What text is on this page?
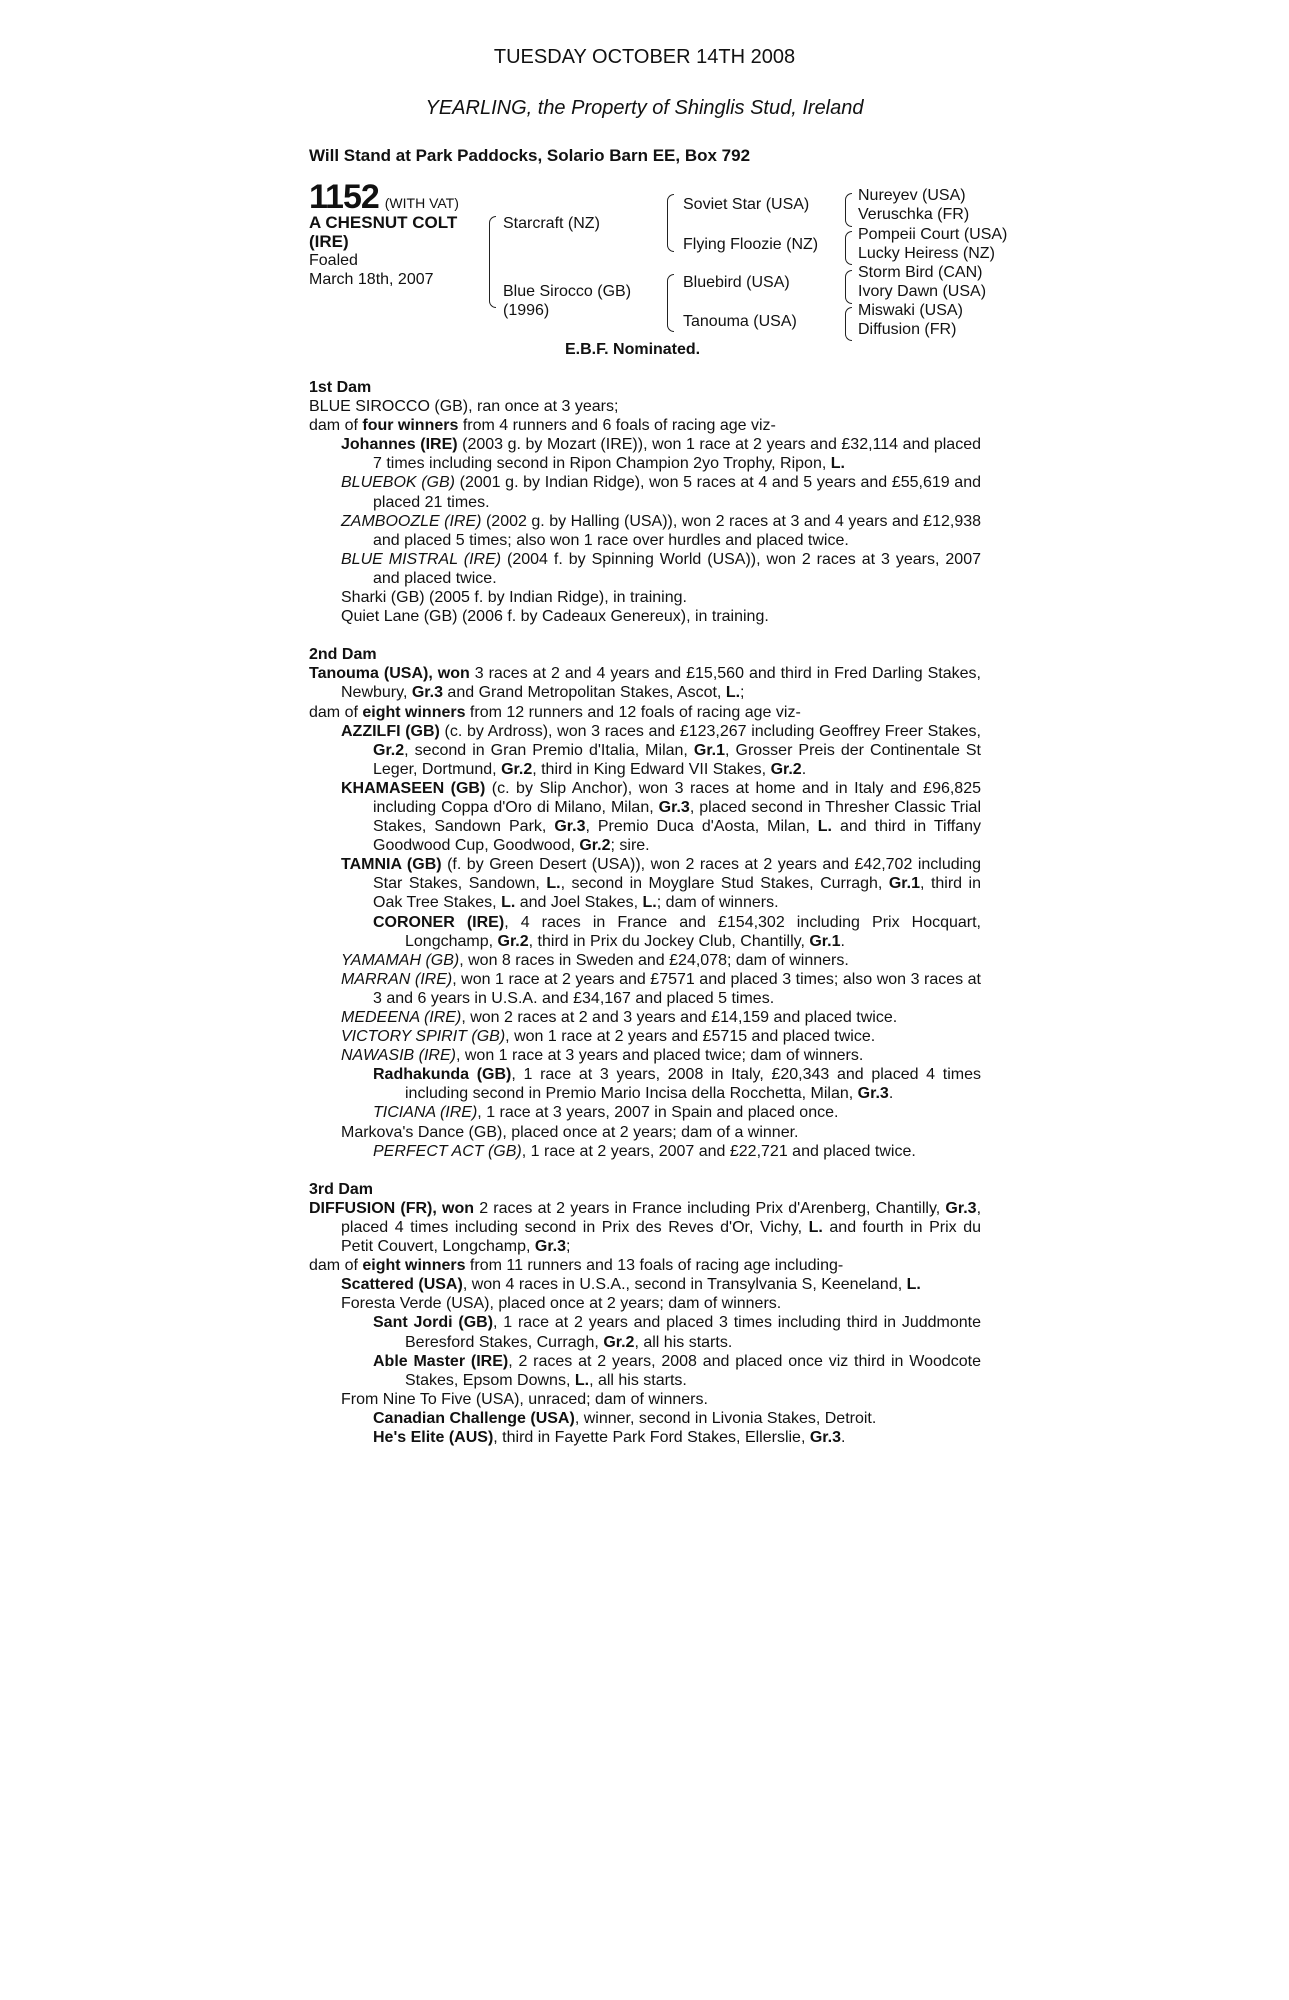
TUESDAY OCTOBER 14TH 2008
YEARLING, the Property of Shinglis Stud, Ireland
Will Stand at Park Paddocks, Solario Barn EE, Box 792
1152 (WITH VAT)
A CHESNUT COLT
(IRE)
Foaled
March 18th, 2007
Starcraft (NZ)
Blue Sirocco (GB)
(1996)
Soviet Star (USA)
Flying Floozie (NZ)
Bluebird (USA)
Tanouma (USA)
Nureyev (USA)
Veruschka (FR)
Pompeii Court (USA)
Lucky Heiress (NZ)
Storm Bird (CAN)
Ivory Dawn (USA)
Miswaki (USA)
Diffusion (FR)
E.B.F. Nominated.
1st Dam

BLUE SIROCCO (GB), ran once at 3 years;

dam of four winners from 4 runners and 6 foals of racing age viz-

Johannes (IRE) (2003 g. by Mozart (IRE)), won 1 race at 2 years and £32,114 and placed 7 times including second in Ripon Champion 2yo Trophy, Ripon, L.

BLUEBOK (GB) (2001 g. by Indian Ridge), won 5 races at 4 and 5 years and £55,619 and placed 21 times.

ZAMBOOZLE (IRE) (2002 g. by Halling (USA)), won 2 races at 3 and 4 years and £12,938 and placed 5 times; also won 1 race over hurdles and placed twice.

BLUE MISTRAL (IRE) (2004 f. by Spinning World (USA)), won 2 races at 3 years, 2007 and placed twice.

Sharki (GB) (2005 f. by Indian Ridge), in training.

Quiet Lane (GB) (2006 f. by Cadeaux Genereux), in training.

2nd Dam

Tanouma (USA), won 3 races at 2 and 4 years and £15,560 and third in Fred Darling Stakes, Newbury, Gr.3 and Grand Metropolitan Stakes, Ascot, L.;

dam of eight winners from 12 runners and 12 foals of racing age viz-

AZZILFI (GB) (c. by Ardross), won 3 races and £123,267 including Geoffrey Freer Stakes, Gr.2, second in Gran Premio d'Italia, Milan, Gr.1, Grosser Preis der Continentale St Leger, Dortmund, Gr.2, third in King Edward VII Stakes, Gr.2.

KHAMASEEN (GB) (c. by Slip Anchor), won 3 races at home and in Italy and £96,825 including Coppa d'Oro di Milano, Milan, Gr.3, placed second in Thresher Classic Trial Stakes, Sandown Park, Gr.3, Premio Duca d'Aosta, Milan, L. and third in Tiffany Goodwood Cup, Goodwood, Gr.2; sire.

TAMNIA (GB) (f. by Green Desert (USA)), won 2 races at 2 years and £42,702 including Star Stakes, Sandown, L., second in Moyglare Stud Stakes, Curragh, Gr.1, third in Oak Tree Stakes, L. and Joel Stakes, L.; dam of winners.

CORONER (IRE), 4 races in France and £154,302 including Prix Hocquart, Longchamp, Gr.2, third in Prix du Jockey Club, Chantilly, Gr.1.

YAMAMAH (GB), won 8 races in Sweden and £24,078; dam of winners.

MARRAN (IRE), won 1 race at 2 years and £7571 and placed 3 times; also won 3 races at 3 and 6 years in U.S.A. and £34,167 and placed 5 times.

MEDEENA (IRE), won 2 races at 2 and 3 years and £14,159 and placed twice.

VICTORY SPIRIT (GB), won 1 race at 2 years and £5715 and placed twice.

NAWASIB (IRE), won 1 race at 3 years and placed twice; dam of winners.

Radhakunda (GB), 1 race at 3 years, 2008 in Italy, £20,343 and placed 4 times including second in Premio Mario Incisa della Rocchetta, Milan, Gr.3.

TICIANA (IRE), 1 race at 3 years, 2007 in Spain and placed once.

Markova's Dance (GB), placed once at 2 years; dam of a winner.

PERFECT ACT (GB), 1 race at 2 years, 2007 and £22,721 and placed twice.

3rd Dam

DIFFUSION (FR), won 2 races at 2 years in France including Prix d'Arenberg, Chantilly, Gr.3, placed 4 times including second in Prix des Reves d'Or, Vichy, L. and fourth in Prix du Petit Couvert, Longchamp, Gr.3;

dam of eight winners from 11 runners and 13 foals of racing age including-

Scattered (USA), won 4 races in U.S.A., second in Transylvania S, Keeneland, L.

Foresta Verde (USA), placed once at 2 years; dam of winners.

Sant Jordi (GB), 1 race at 2 years and placed 3 times including third in Juddmonte Beresford Stakes, Curragh, Gr.2, all his starts.

Able Master (IRE), 2 races at 2 years, 2008 and placed once viz third in Woodcote Stakes, Epsom Downs, L., all his starts.

From Nine To Five (USA), unraced; dam of winners.

Canadian Challenge (USA), winner, second in Livonia Stakes, Detroit.

He's Elite (AUS), third in Fayette Park Ford Stakes, Ellerslie, Gr.3.
